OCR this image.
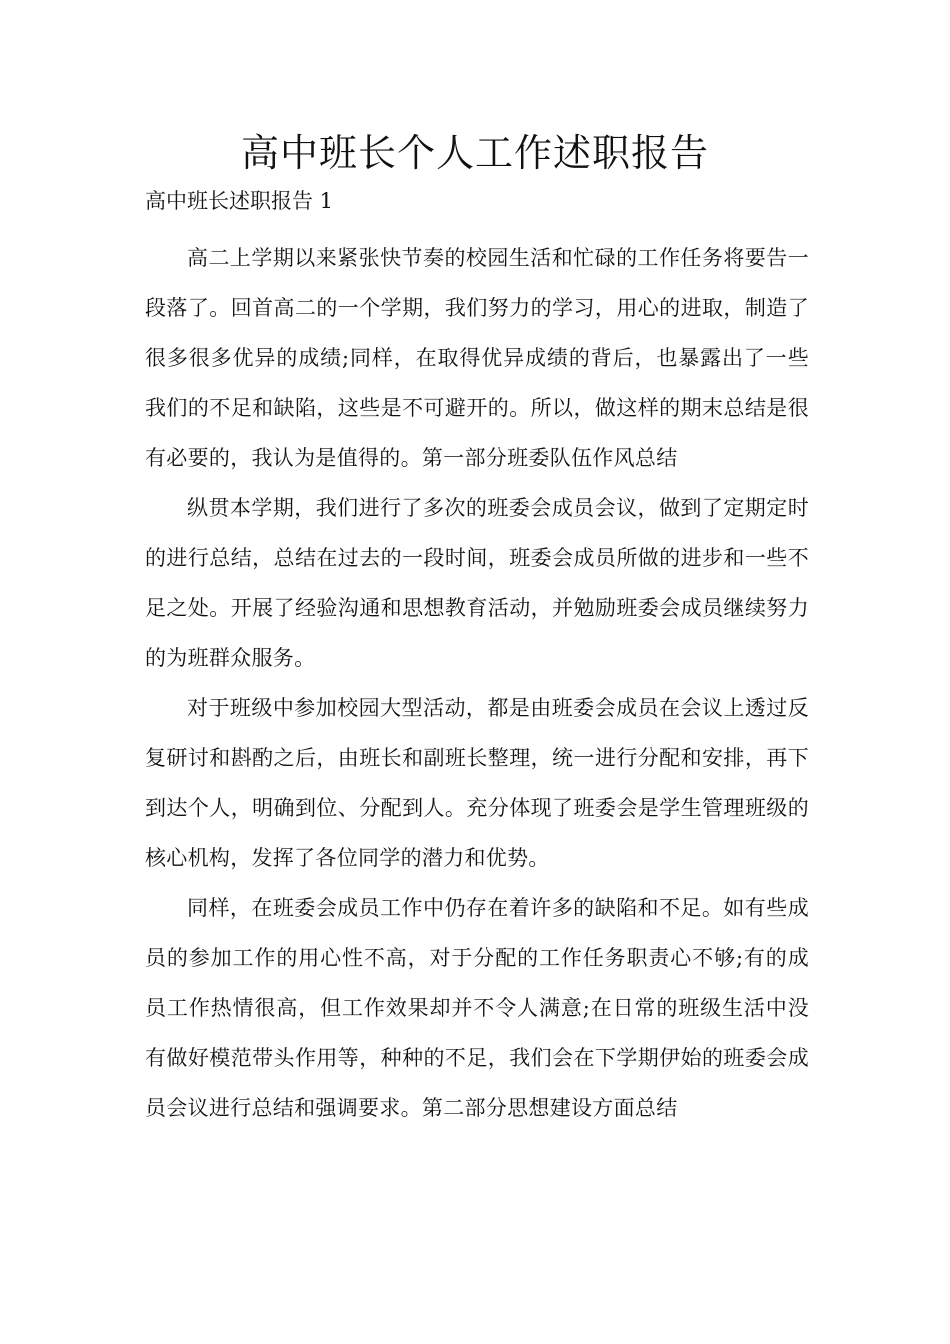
高中班长个人工作述职报告

高中班长述职报告 1

高二上学期以来紧张快节奏的校园生活和忙碌的工作任务将要告一段落了。回首高二的一个学期，我们努力的学习，用心的进取，制造了很多很多优异的成绩;同样，在取得优异成绩的背后，也暴露出了一些我们的不足和缺陷，这些是不可避开的。所以，做这样的期末总结是很有必要的，我认为是值得的。第一部分班委队伍作风总结

纵贯本学期，我们进行了多次的班委会成员会议，做到了定期定时的进行总结，总结在过去的一段时间，班委会成员所做的进步和一些不足之处。开展了经验沟通和思想教育活动，并勉励班委会成员继续努力的为班群众服务。

对于班级中参加校园大型活动，都是由班委会成员在会议上透过反复研讨和斟酌之后，由班长和副班长整理，统一进行分配和安排，再下到达个人，明确到位、分配到人。充分体现了班委会是学生管理班级的核心机构，发挥了各位同学的潜力和优势。

同样，在班委会成员工作中仍存在着许多的缺陷和不足。如有些成员的参加工作的用心性不高，对于分配的工作任务职责心不够;有的成员工作热情很高，但工作效果却并不令人满意;在日常的班级生活中没有做好模范带头作用等，种种的不足，我们会在下学期伊始的班委会成员会议进行总结和强调要求。第二部分思想建设方面总结
